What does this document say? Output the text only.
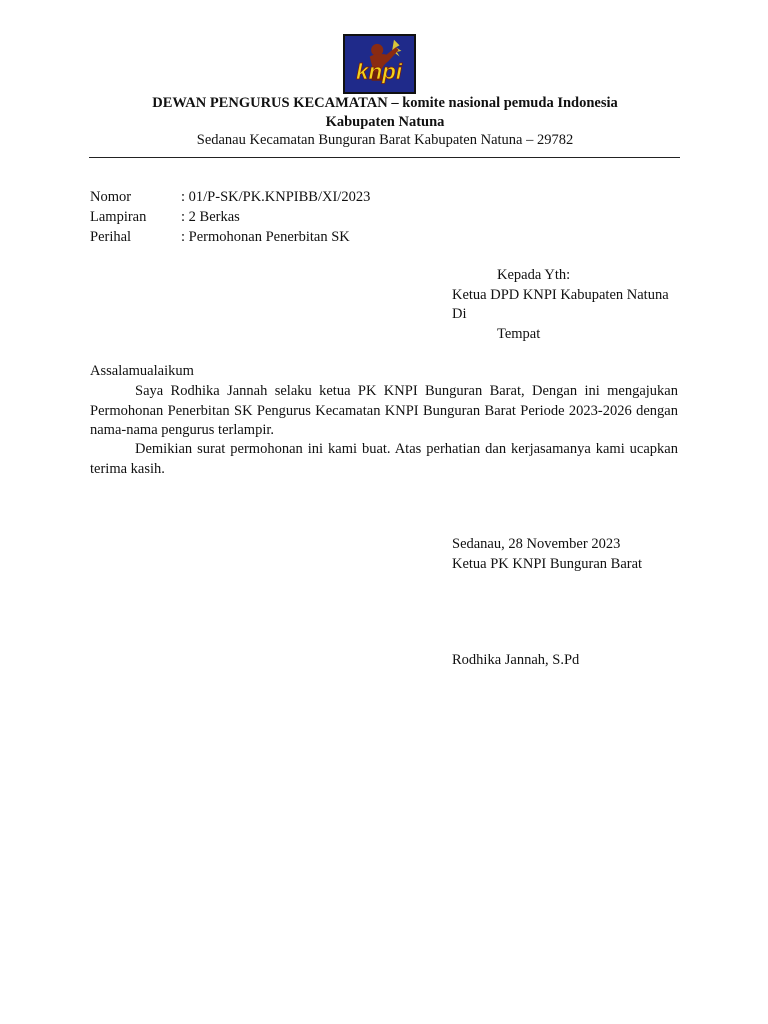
knpi
DEWAN PENGURUS KECAMATAN – komite nasional pemuda Indonesia
Kabupaten Natuna
Sedanau Kecamatan Bunguran Barat Kabupaten Natuna – 29782
Nomor	: 01/P-SK/PK.KNPIBB/XI/2023
Lampiran : 2 Berkas
Perihal	: Permohonan Penerbitan SK
Kepada Yth:
Ketua DPD KNPI Kabupaten Natuna
Di
Tempat
Assalamualaikum

Saya Rodhika Jannah selaku ketua PK KNPI Bunguran Barat, Dengan ini mengajukan Permohonan Penerbitan SK Pengurus Kecamatan KNPI Bunguran Barat Periode 2023-2026 dengan nama-nama pengurus terlampir.

Demikian surat permohonan ini kami buat. Atas perhatian dan kerjasamanya kami ucapkan terima kasih.

Sedanau, 28 November 2023
Ketua PK KNPI Bunguran Barat
Rodhika Jannah, S.Pd
